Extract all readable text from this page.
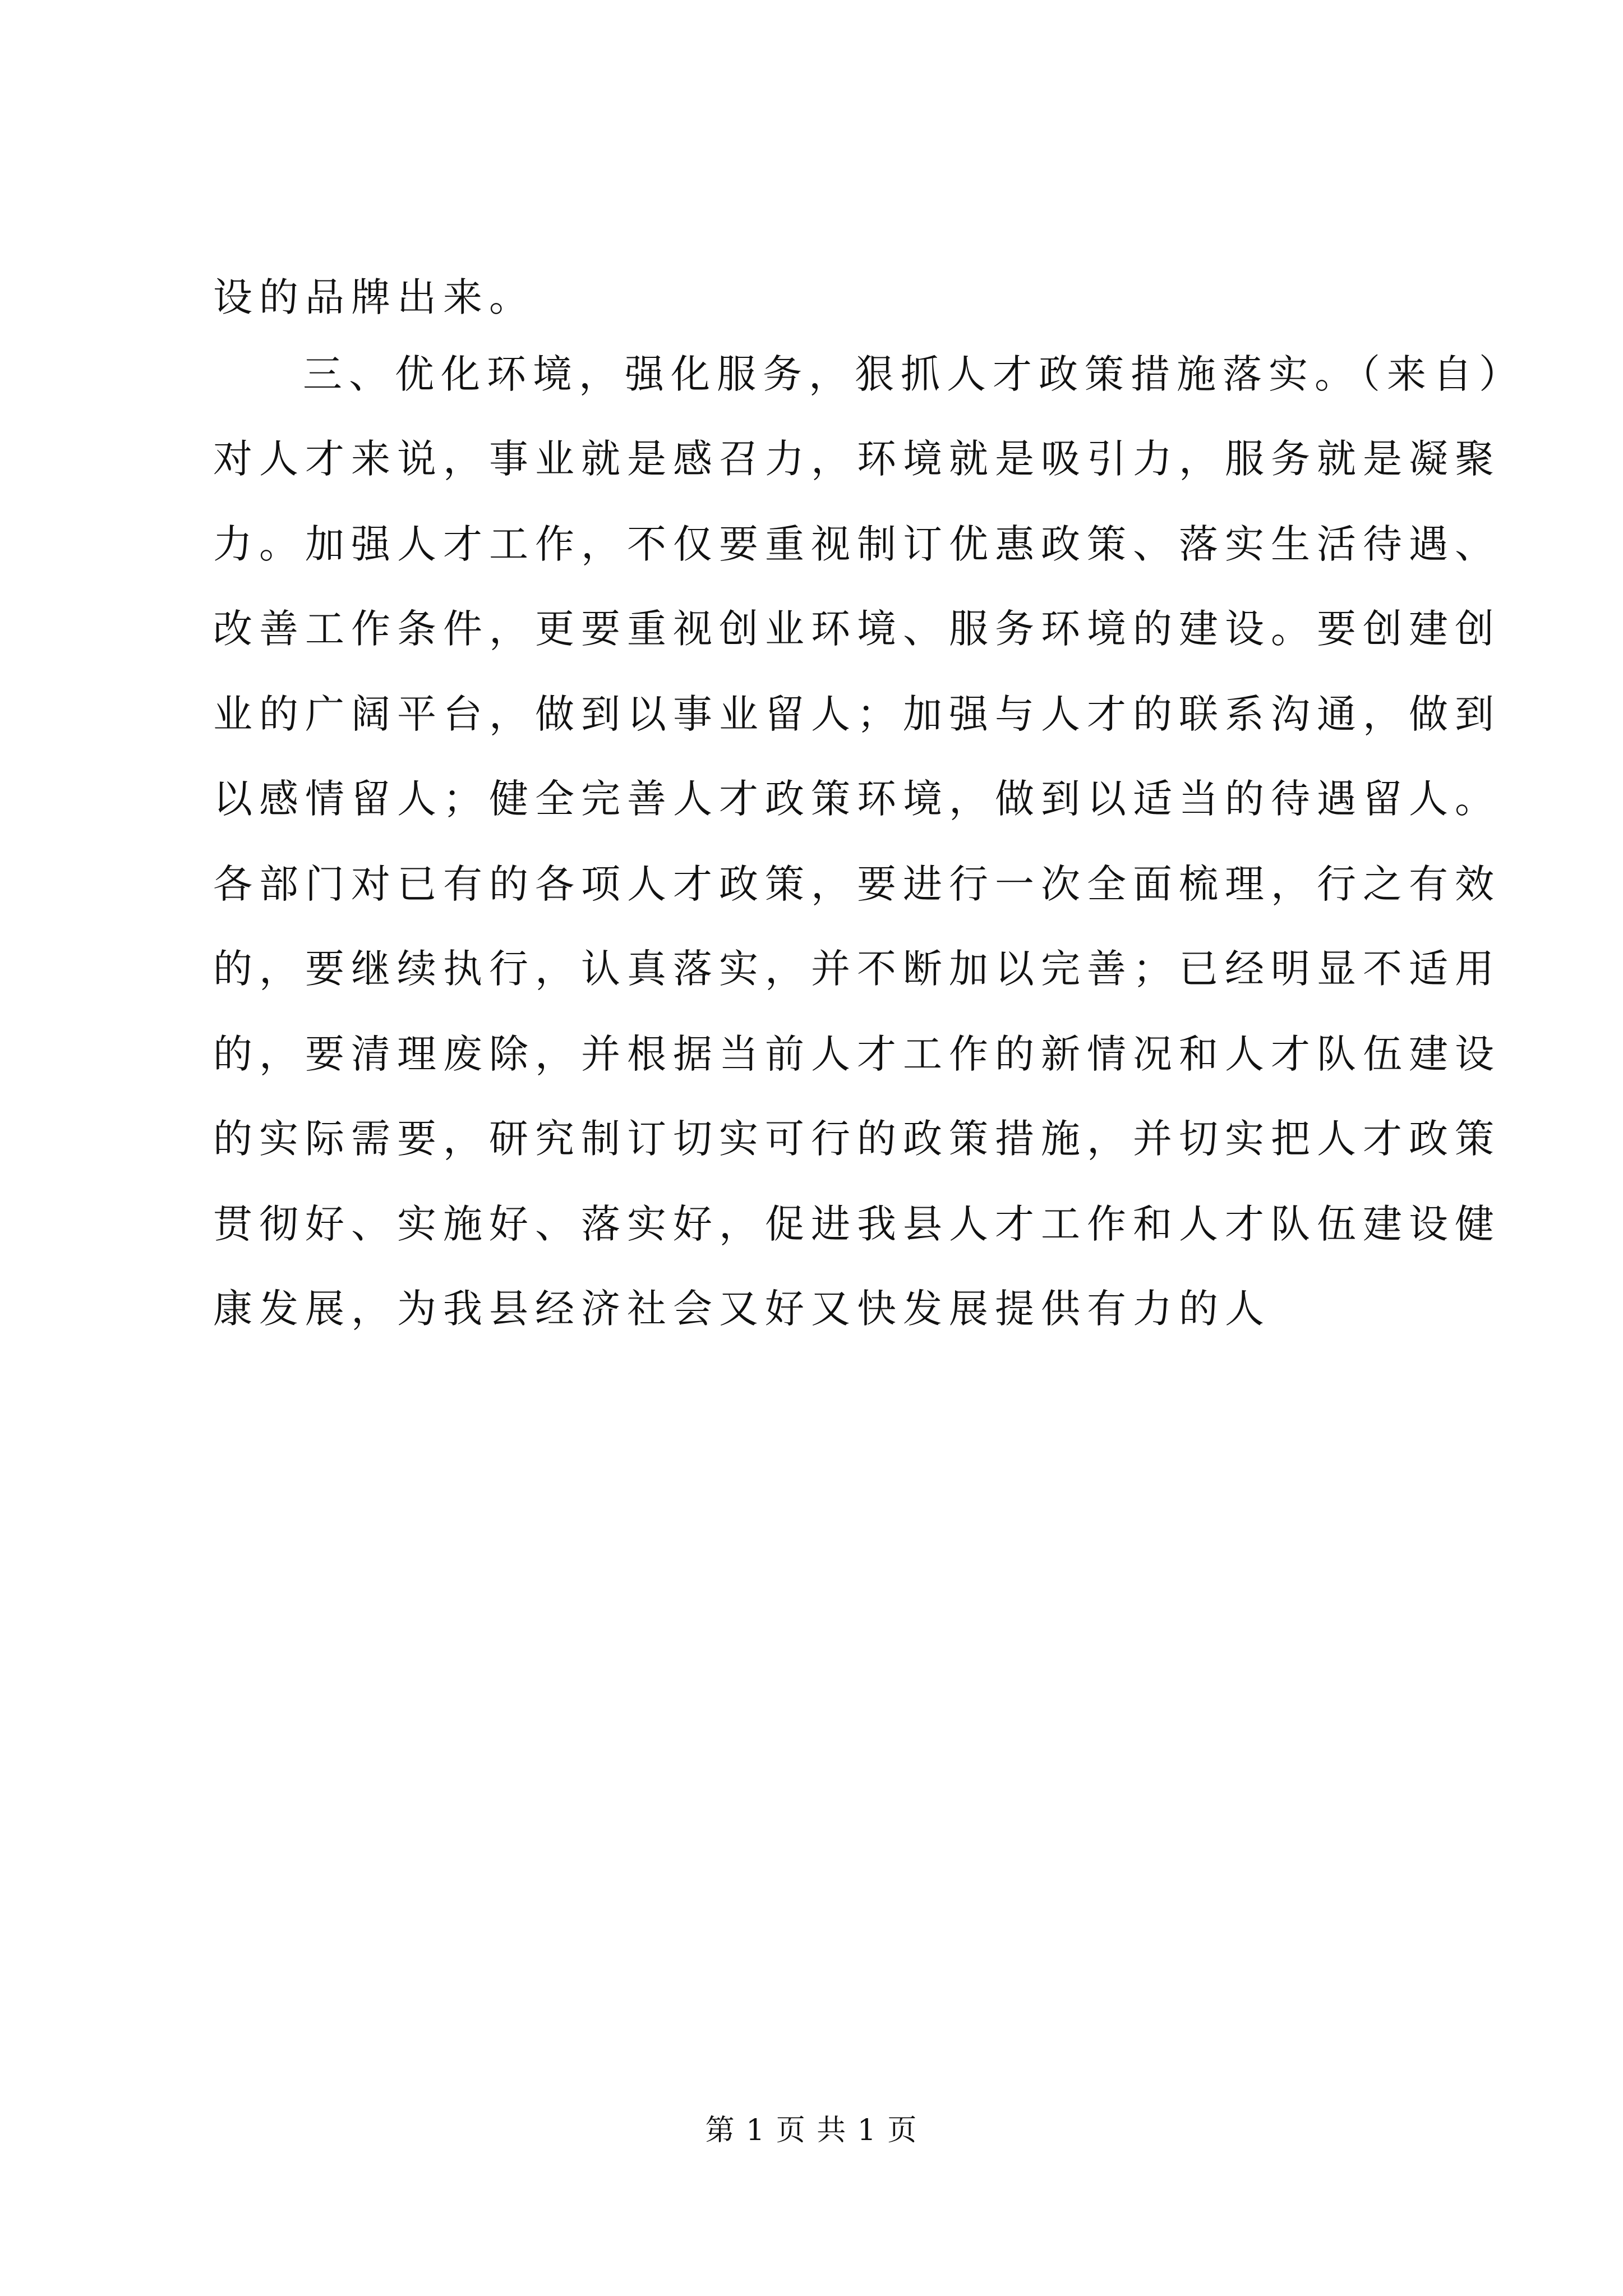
设的品牌出来。
三、优化环境，强化服务，狠抓人才政策措施落实。（来自）
对人才来说，事业就是感召力，环境就是吸引力，服务就是凝聚
力。加强人才工作，不仅要重视制订优惠政策、落实生活待遇、
改善工作条件，更要重视创业环境、服务环境的建设。要创建创
业的广阔平台，做到以事业留人；加强与人才的联系沟通，做到
以感情留人；健全完善人才政策环境，做到以适当的待遇留人。
各部门对已有的各项人才政策，要进行一次全面梳理，行之有效
的，要继续执行，认真落实，并不断加以完善；已经明显不适用
的，要清理废除，并根据当前人才工作的新情况和人才队伍建设
的实际需要，研究制订切实可行的政策措施，并切实把人才政策
贯彻好、实施好、落实好，促进我县人才工作和人才队伍建设健
康发展，为我县经济社会又好又快发展提供有力的人
第 1 页 共 1 页
